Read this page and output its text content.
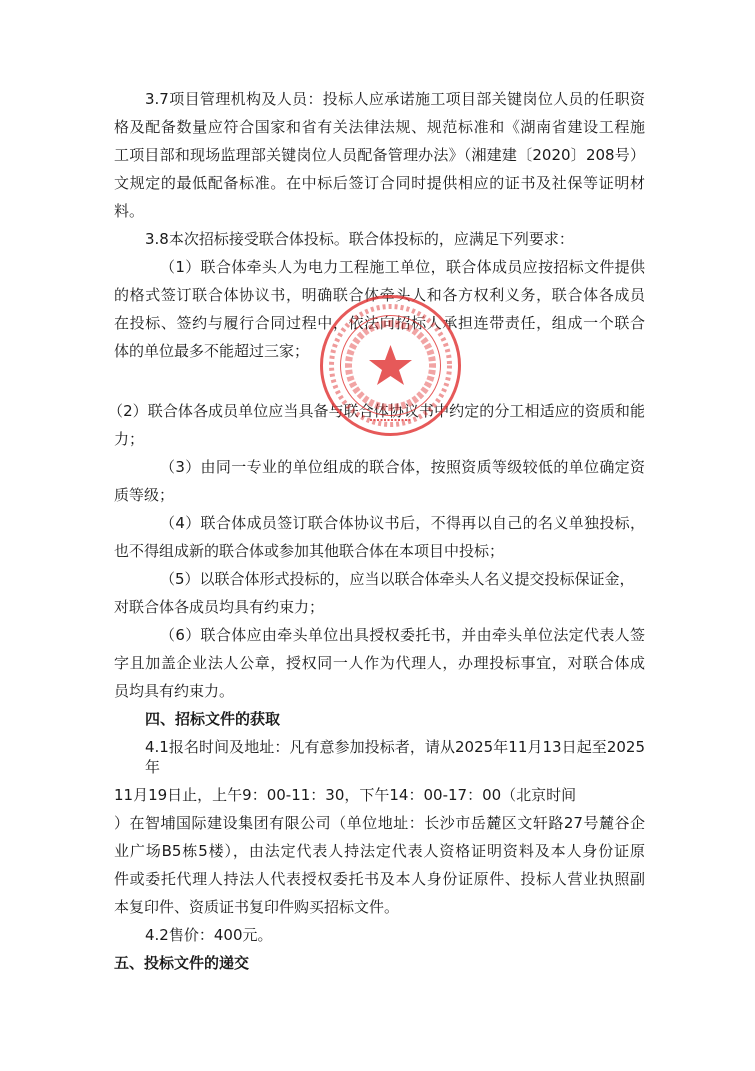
3.7项目管理机构及人员：投标人应承诺施工项目部关键岗位人员的任职资
格及配备数量应符合国家和省有关法律法规、规范标准和《湖南省建设工程施
工项目部和现场监理部关键岗位人员配备管理办法》（湘建建〔2020〕208号）
文规定的最低配备标准。在中标后签订合同时提供相应的证书及社保等证明材
料。
3.8本次招标接受联合体投标。联合体投标的，应满足下列要求：
（1）联合体牵头人为电力工程施工单位，联合体成员应按招标文件提供
的格式签订联合体协议书，明确联合体牵头人和各方权利义务，联合体各成员
在投标、签约与履行合同过程中，依法向招标人承担连带责任，组成一个联合
体的单位最多不能超过三家；
（2）联合体各成员单位应当具备与联合体协议书中约定的分工相适应的资质和能
力；
（3）由同一专业的单位组成的联合体，按照资质等级较低的单位确定资
质等级；
（4）联合体成员签订联合体协议书后，不得再以自己的名义单独投标，
也不得组成新的联合体或参加其他联合体在本项目中投标；
（5）以联合体形式投标的，应当以联合体牵头人名义提交投标保证金，
对联合体各成员均具有约束力；
（6）联合体应由牵头单位出具授权委托书，并由牵头单位法定代表人签
字且加盖企业法人公章，授权同一人作为代理人，办理投标事宜，对联合体成
员均具有约束力。
四、招标文件的获取
4.1报名时间及地址：凡有意参加投标者，请从2025年11月13日起至2025年
11月19日止，上午9：00-11：30，下午14：00-17：00（北京时间
）在智埔国际建设集团有限公司（单位地址：长沙市岳麓区文轩路27号麓谷企
业广场B5栋5楼），由法定代表人持法定代表人资格证明资料及本人身份证原
件或委托代理人持法人代表授权委托书及本人身份证原件、投标人营业执照副
本复印件、资质证书复印件购买招标文件。
4.2售价：400元。
五、投标文件的递交
